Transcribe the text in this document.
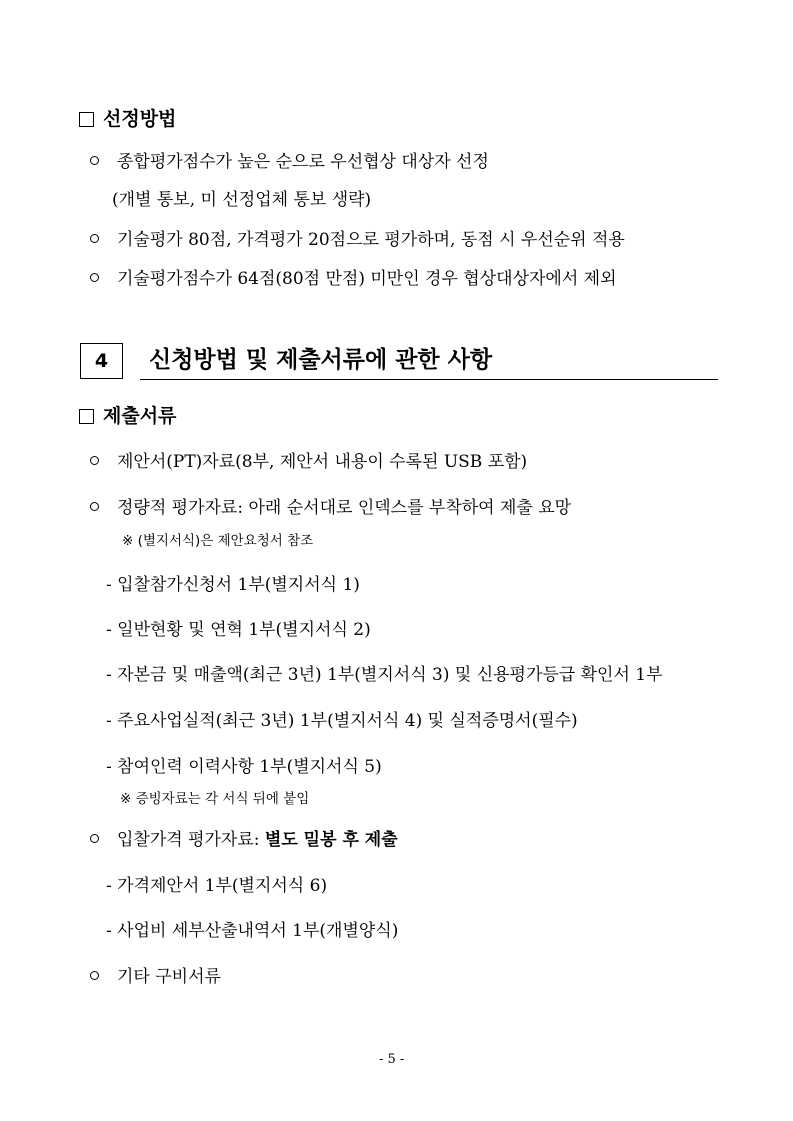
선정방법
종합평가점수가 높은 순으로 우선협상 대상자 선정
(개별 통보, 미 선정업체 통보 생략)
기술평가 80점, 가격평가 20점으로 평가하며, 동점 시 우선순위 적용
기술평가점수가 64점(80점 만점) 미만인 경우 협상대상자에서 제외
4 신청방법 및 제출서류에 관한 사항
제출서류
제안서(PT)자료(8부, 제안서 내용이 수록된 USB 포함)
정량적 평가자료: 아래 순서대로 인덱스를 부착하여 제출 요망
※ (별지서식)은 제안요청서 참조
- 입찰참가신청서 1부(별지서식 1)
- 일반현황 및 연혁 1부(별지서식 2)
- 자본금 및 매출액(최근 3년) 1부(별지서식 3) 및 신용평가등급 확인서 1부
- 주요사업실적(최근 3년) 1부(별지서식 4) 및 실적증명서(필수)
- 참여인력 이력사항 1부(별지서식 5)
※ 증빙자료는 각 서식 뒤에 붙임
입찰가격 평가자료: 별도 밀봉 후 제출
- 가격제안서 1부(별지서식 6)
- 사업비 세부산출내역서 1부(개별양식)
기타 구비서류
- 5 -
